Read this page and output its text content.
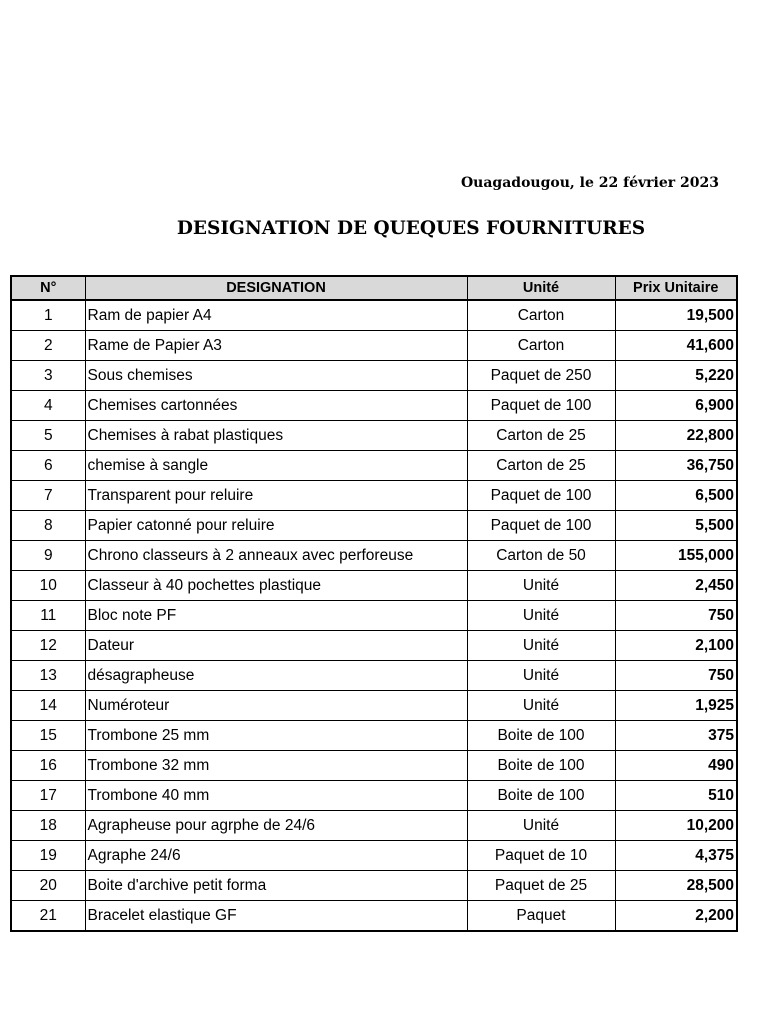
Ouagadougou, le 22 février 2023
DESIGNATION DE QUEQUES FOURNITURES
N°	DESIGNATION	Unité	Prix Unitaire
1	Ram de papier A4	Carton	19,500
2	Rame de Papier A3	Carton	41,600
3	Sous chemises	Paquet de 250	5,220
4	Chemises cartonnées	Paquet de 100	6,900
5	Chemises à rabat plastiques	Carton de 25	22,800
6	chemise à sangle	Carton de 25	36,750
7	Transparent pour reluire	Paquet de 100	6,500
8	Papier catonné pour reluire	Paquet de 100	5,500
9	Chrono classeurs à 2 anneaux avec perforeuse	Carton de 50	155,000
10	Classeur à 40 pochettes plastique	Unité	2,450
11	Bloc note PF	Unité	750
12	Dateur	Unité	2,100
13	désagrapheuse	Unité	750
14	Numéroteur	Unité	1,925
15	Trombone 25 mm	Boite de 100	375
16	Trombone 32 mm	Boite de 100	490
17	Trombone 40 mm	Boite de 100	510
18	Agrapheuse pour agrphe de 24/6	Unité	10,200
19	Agraphe 24/6	Paquet de 10	4,375
20	Boite d'archive petit forma	Paquet de 25	28,500
21	Bracelet elastique GF	Paquet	2,200
